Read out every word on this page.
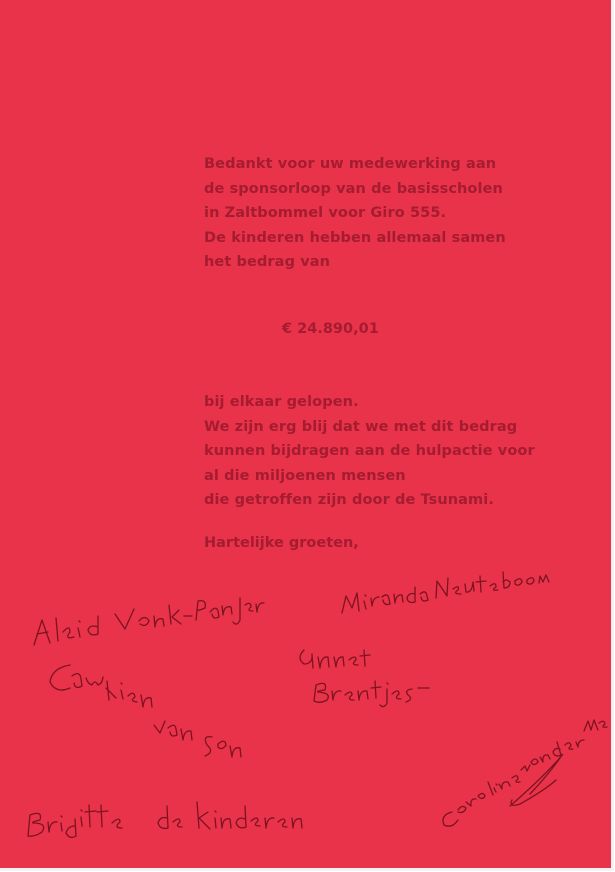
Bedankt voor uw medewerking aan
de sponsorloop van de basisscholen
in Zaltbommel voor Giro 555.
De kinderen hebben allemaal samen
het bedrag van
€ 24.890,01
bij elkaar gelopen.
We zijn erg blij dat we met dit bedrag
kunnen bijdragen aan de hulpactie voor
al die miljoenen mensen
die getroffen zijn door de Tsunami.
Hartelijke groeten,
